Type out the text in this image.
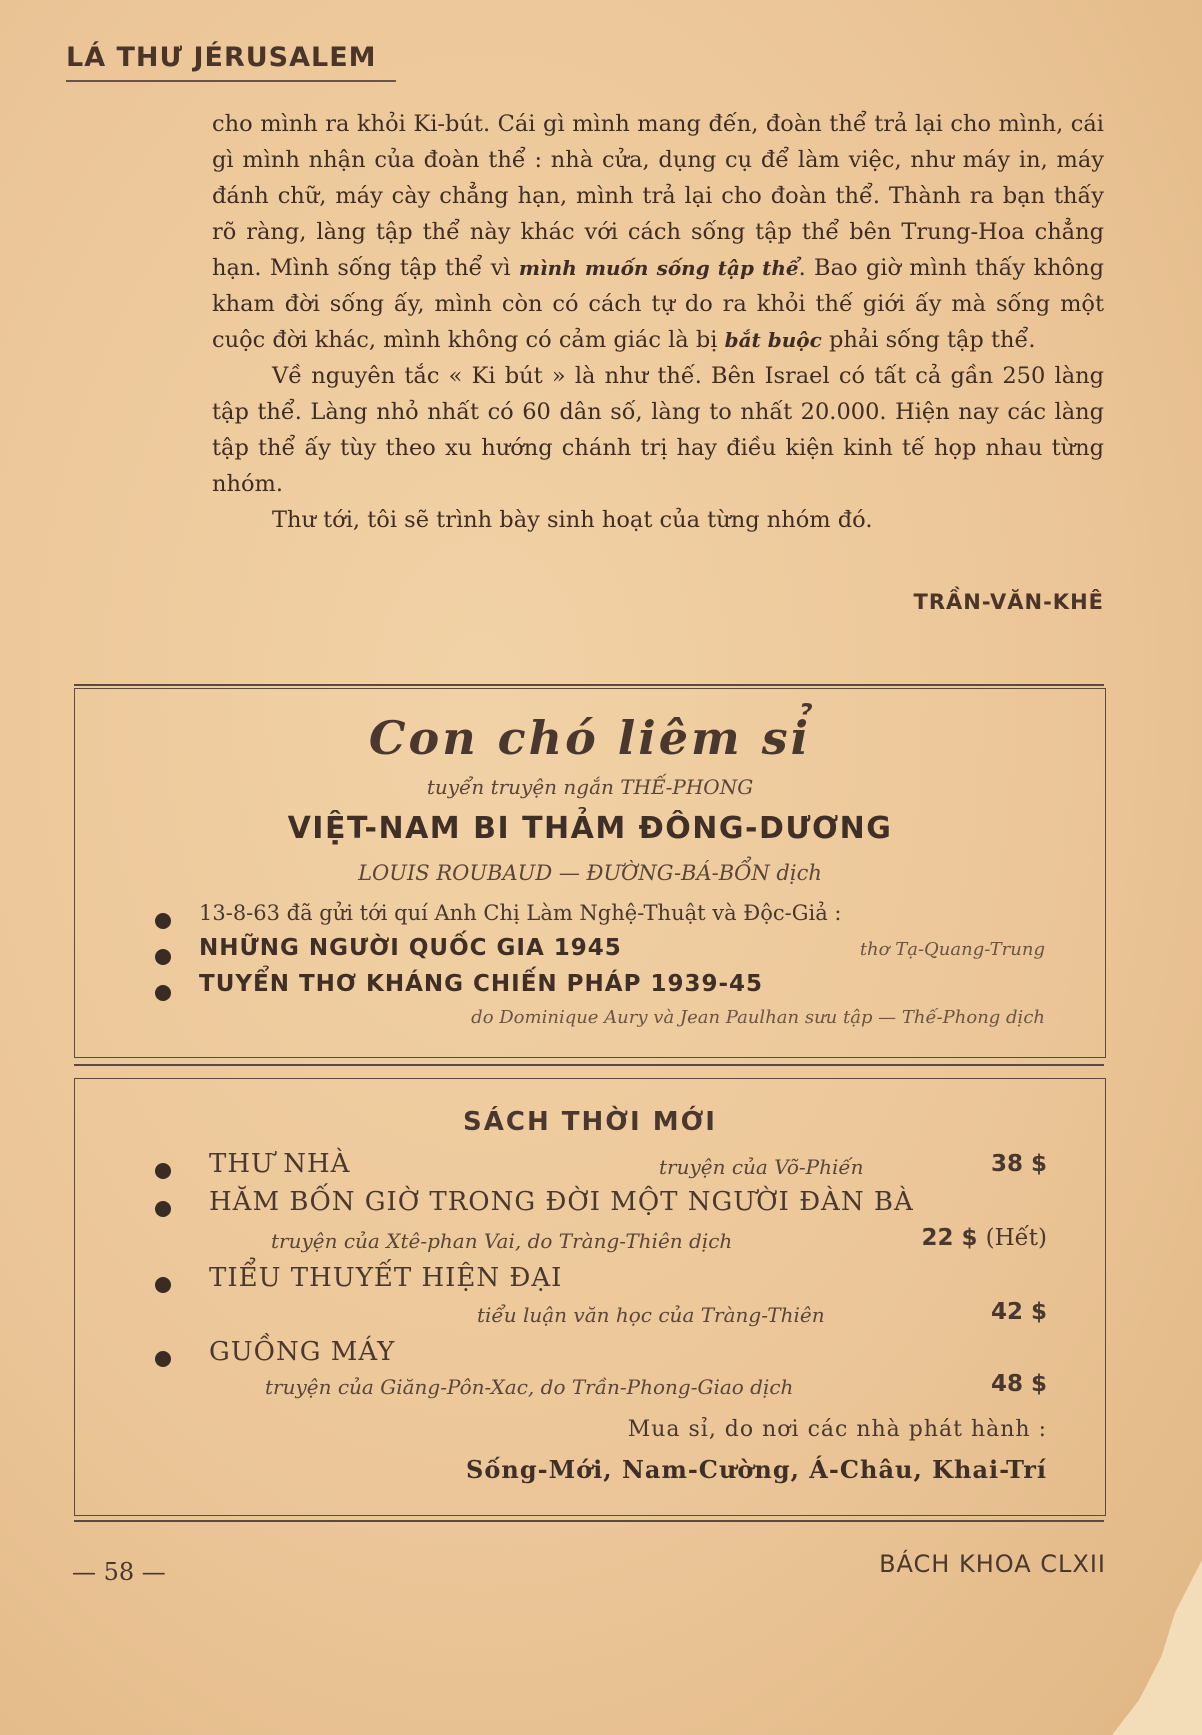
LÁ THƯ JÉRUSALEM

cho mình ra khỏi Ki-bút. Cái gì mình mang đến, đoàn thể trả lại cho mình, cái gì mình nhận của đoàn thể : nhà cửa, dụng cụ để làm việc, như máy in, máy đánh chữ, máy cày chẳng hạn, mình trả lại cho đoàn thể. Thành ra bạn thấy rõ ràng, làng tập thể này khác với cách sống tập thể bên Trung-Hoa chẳng hạn. Mình sống tập thể vì mình muốn sống tập thể. Bao giờ mình thấy không kham đời sống ấy, mình còn có cách tự do ra khỏi thế giới ấy mà sống một cuộc đời khác, mình không có cảm giác là bị bắt buộc phải sống tập thể.

Về nguyên tắc « Ki bút » là như thế. Bên Israel có tất cả gần 250 làng tập thể. Làng nhỏ nhất có 60 dân số, làng to nhất 20.000. Hiện nay các làng tập thể ấy tùy theo xu hướng chánh trị hay điều kiện kinh tế họp nhau từng nhóm.

Thư tới, tôi sẽ trình bày sinh hoạt của từng nhóm đó.

TRẦN-VĂN-KHÊ
Con chó liêm sỉ
tuyển truyện ngắn THẾ-PHONG
VIỆT-NAM BI THẢM ĐÔNG-DƯƠNG
LOUIS ROUBAUD — ĐƯỜNG-BÁ-BỔN dịch
13-8-63 đã gửi tới quí Anh Chị Làm Nghệ-Thuật và Độc-Giả :
NHỮNG NGƯỜI QUỐC GIA 1945	thơ Tạ-Quang-Trung
TUYỂN THƠ KHÁNG CHIẾN PHÁP 1939-45
do Dominique Aury và Jean Paulhan sưu tập — Thế-Phong dịch
SÁCH THỜI MỚI
THƯ NHÀ	truyện của Võ-Phiến	38 $
HĂM BỐN GIỜ TRONG ĐỜI MỘT NGƯỜI ĐÀN BÀ
truyện của Xtê-phan Vai, do Tràng-Thiên dịch	22 $ (Hết)
TIỂU THUYẾT HIỆN ĐẠI
tiểu luận văn học của Tràng-Thiên	42 $
GUỒNG MÁY
truyện của Giăng-Pôn-Xac, do Trần-Phong-Giao dịch	48 $
Mua sỉ, do nơi các nhà phát hành :
Sống-Mới, Nam-Cường, Á-Châu, Khai-Trí
— 58 —	BÁCH KHOA CLXII
